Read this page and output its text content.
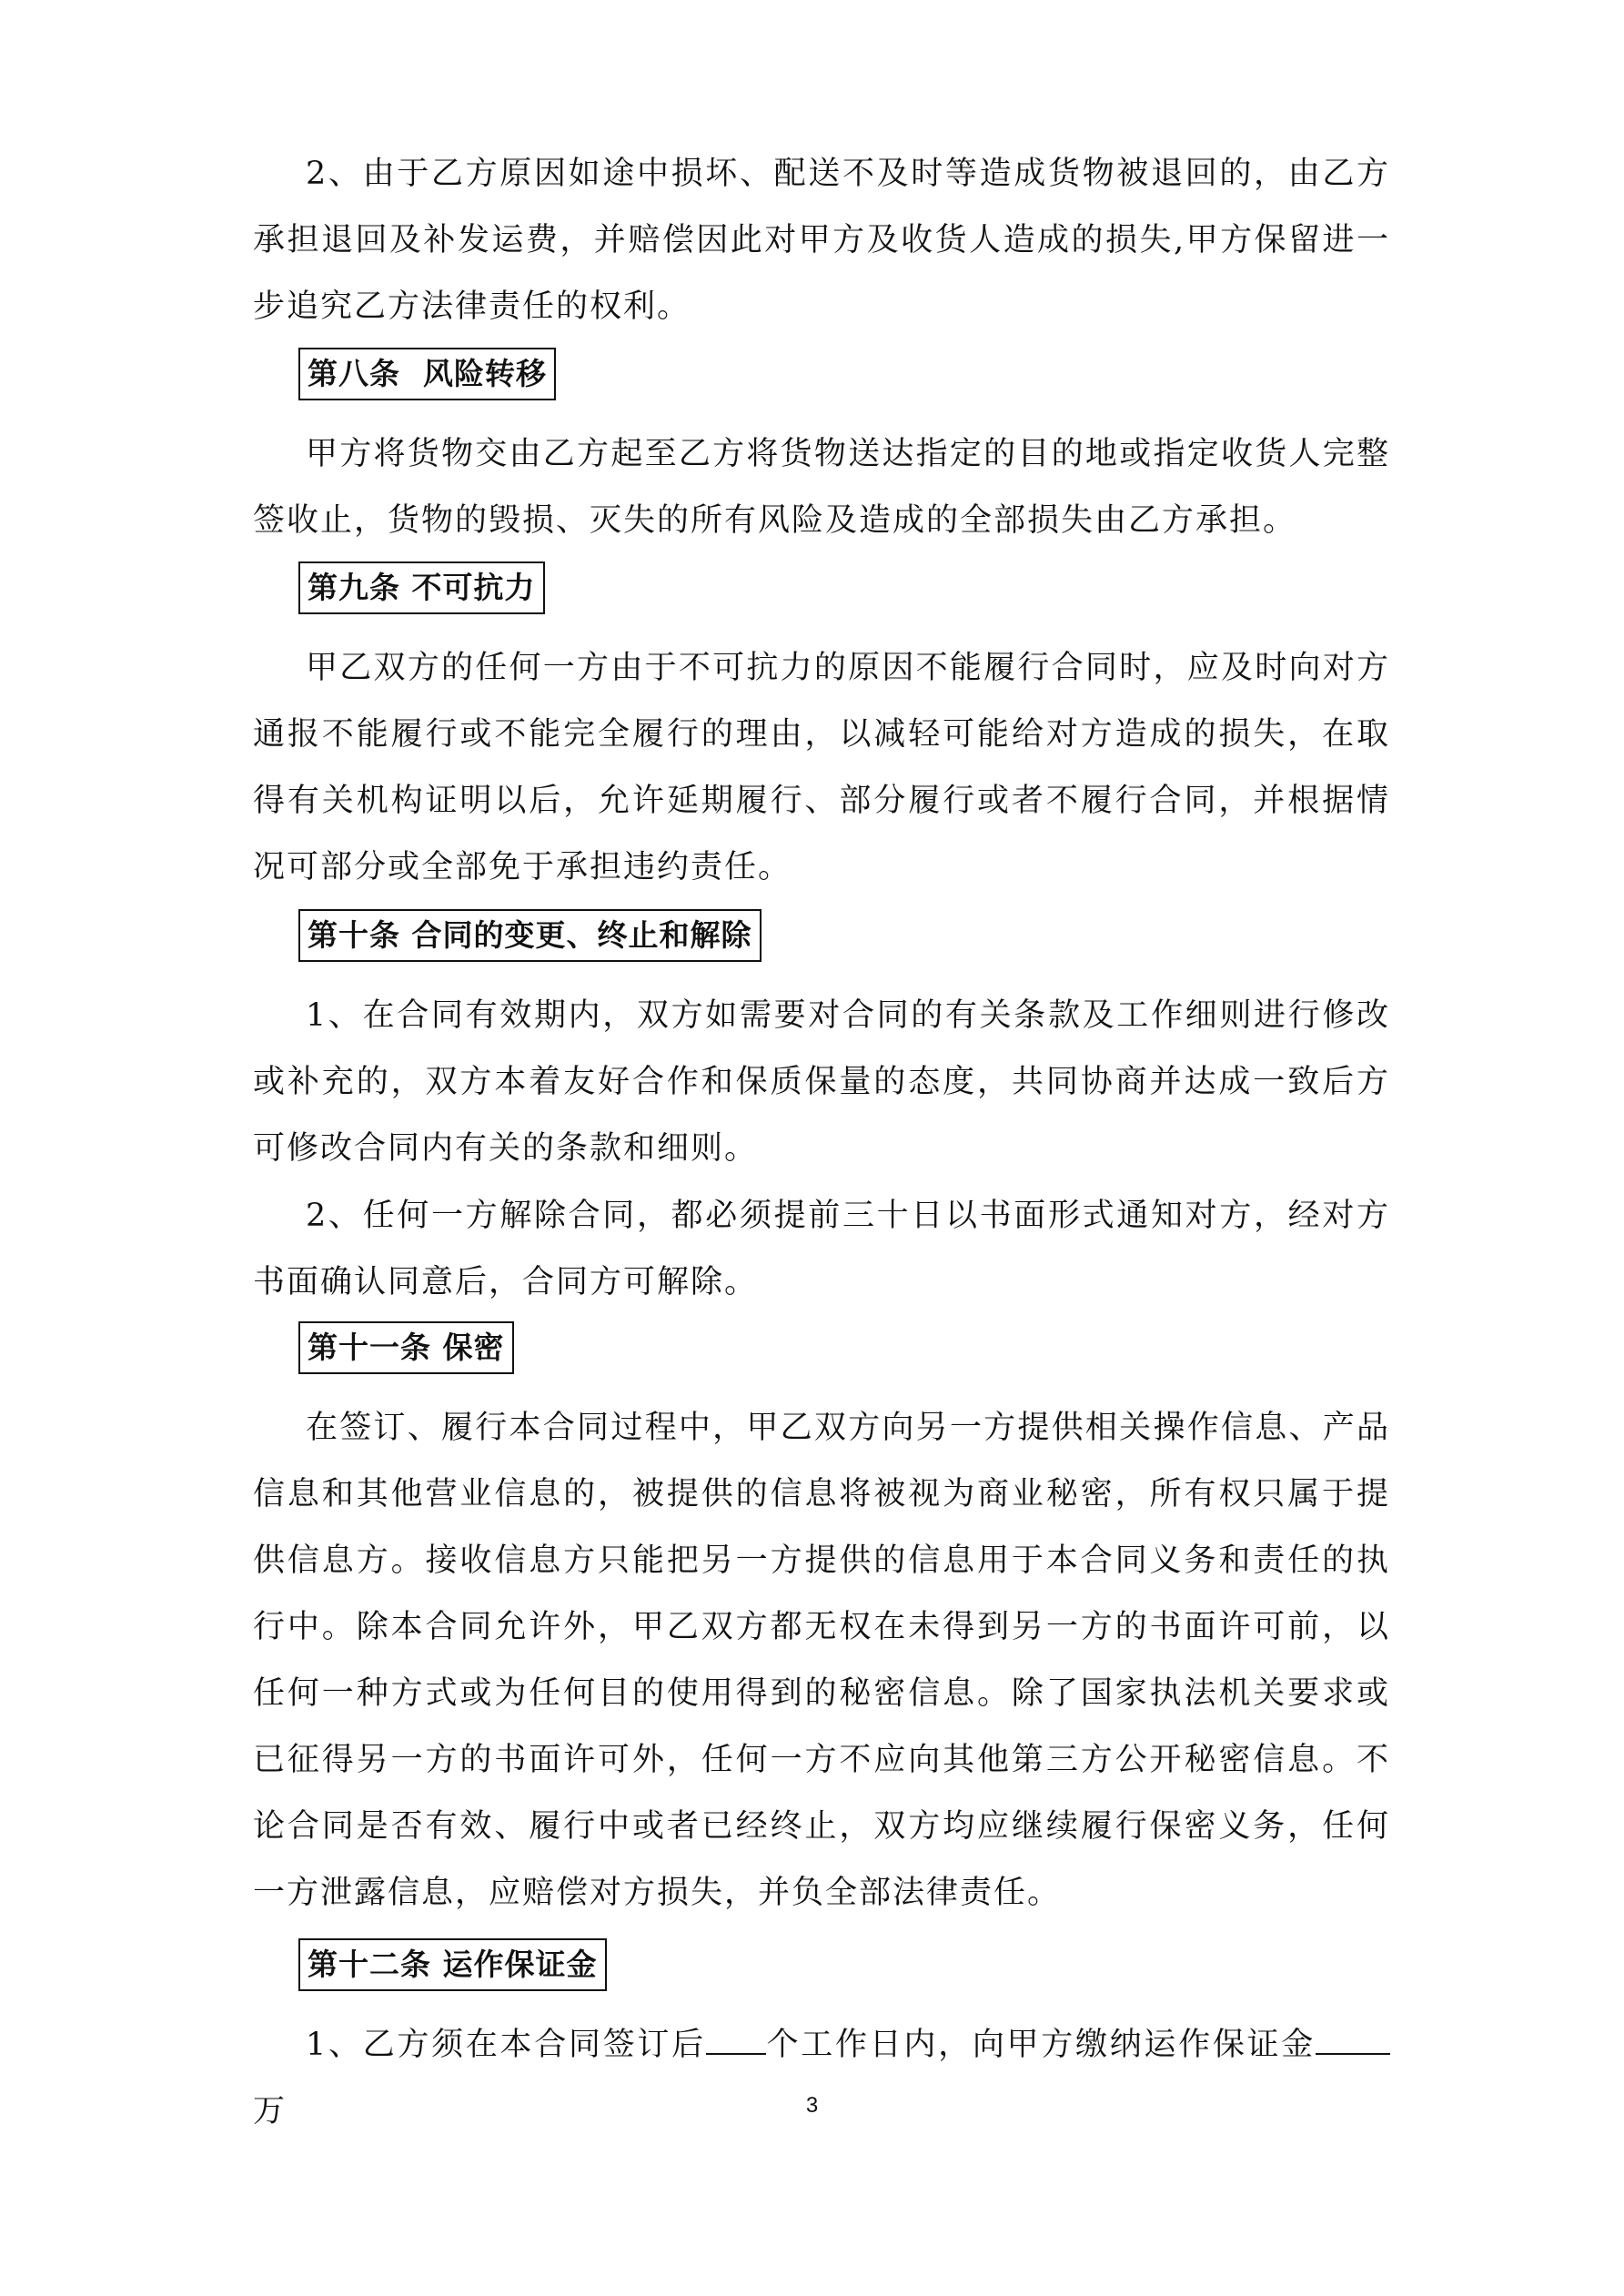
2、由于乙方原因如途中损坏、配送不及时等造成货物被退回的，由乙方承担退回及补发运费，并赔偿因此对甲方及收货人造成的损失,甲方保留进一步追究乙方法律责任的权利。

第八条  风险转移

甲方将货物交由乙方起至乙方将货物送达指定的目的地或指定收货人完整签收止，货物的毁损、灭失的所有风险及造成的全部损失由乙方承担。

第九条 不可抗力

甲乙双方的任何一方由于不可抗力的原因不能履行合同时，应及时向对方通报不能履行或不能完全履行的理由，以减轻可能给对方造成的损失，在取得有关机构证明以后，允许延期履行、部分履行或者不履行合同，并根据情况可部分或全部免于承担违约责任。

第十条 合同的变更、终止和解除

1、在合同有效期内，双方如需要对合同的有关条款及工作细则进行修改或补充的，双方本着友好合作和保质保量的态度，共同协商并达成一致后方可修改合同内有关的条款和细则。

2、任何一方解除合同，都必须提前三十日以书面形式通知对方，经对方书面确认同意后，合同方可解除。

第十一条 保密

在签订、履行本合同过程中，甲乙双方向另一方提供相关操作信息、产品信息和其他营业信息的，被提供的信息将被视为商业秘密，所有权只属于提供信息方。接收信息方只能把另一方提供的信息用于本合同义务和责任的执行中。除本合同允许外，甲乙双方都无权在未得到另一方的书面许可前，以任何一种方式或为任何目的使用得到的秘密信息。除了国家执法机关要求或已征得另一方的书面许可外，任何一方不应向其他第三方公开秘密信息。不论合同是否有效、履行中或者已经终止，双方均应继续履行保密义务，任何一方泄露信息，应赔偿对方损失，并负全部法律责任。

第十二条 运作保证金

1、乙方须在本合同签订后 个工作日内，向甲方缴纳运作保证金万	3
